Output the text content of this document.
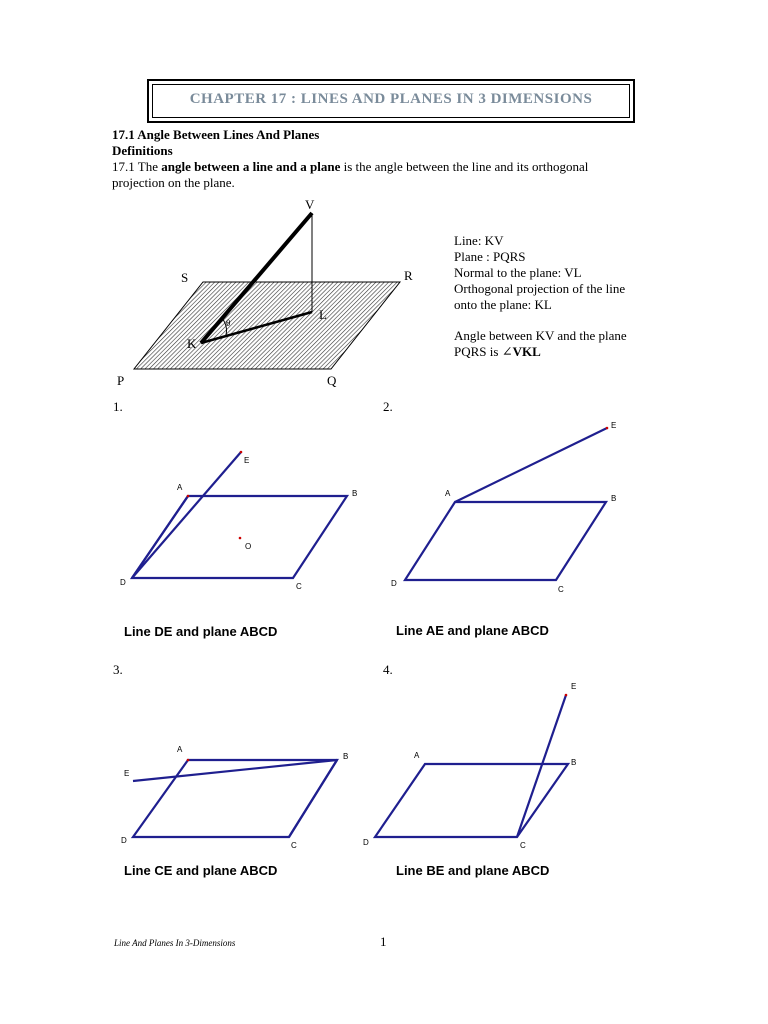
CHAPTER 17 : LINES AND PLANES IN 3 DIMENSIONS
17.1 Angle Between Lines And Planes
Definitions
17.1 The angle between a line and a plane is the angle between the line and its orthogonal
projection on the plane.
V
S	R
L
K
θ
P	Q
Line: KV
Plane : PQRS
Normal to the plane: VL
Orthogonal projection of the line
onto the plane: KL
Angle between KV and the plane
PQRS is ∠VKL
1.	2.
3.	4.
E
A
B
O
D	C
Line DE and plane ABCD
E
A
B
D
C
Line AE and plane ABCD
A
B
E
D
C
Line CE and plane ABCD
E
A
B
D	C
Line BE and plane ABCD
Line And Planes In 3-Dimensions	1
